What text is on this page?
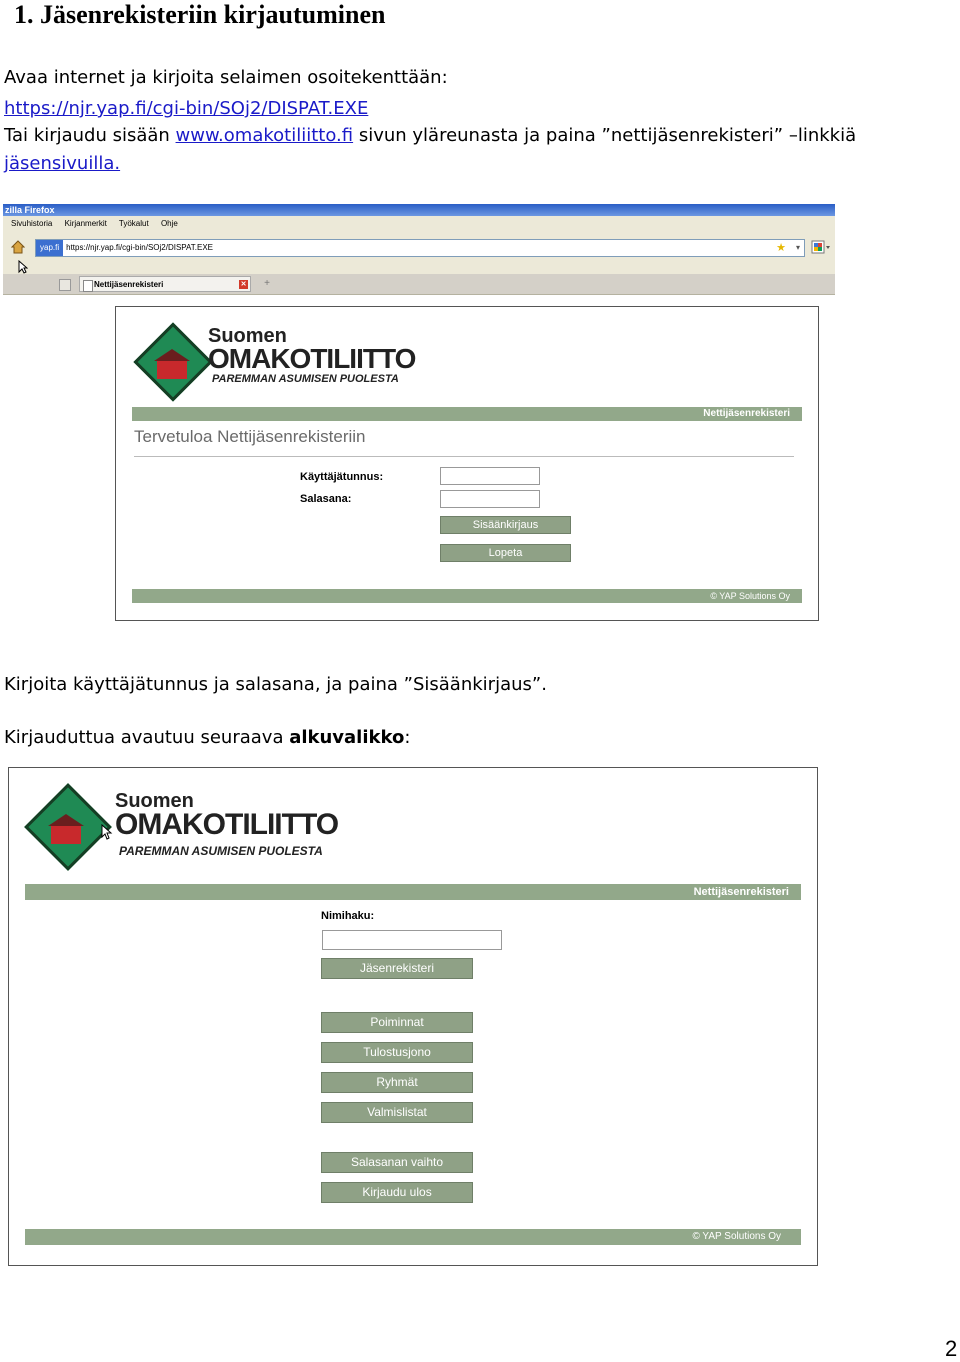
1. Jäsenrekisteriin kirjautuminen
Avaa internet ja kirjoita selaimen osoitekenttään:
https://njr.yap.fi/cgi-bin/SOj2/DISPAT.EXE
Tai kirjaudu sisään www.omakotiliitto.fi sivun yläreunasta ja paina ”nettijäsenrekisteri” –linkkiä
jäsensivuilla.
zilla Firefox
Sivuhistoria Kirjanmerkit Työkalut Ohje
yap.fi https://njr.yap.fi/cgi-bin/SOj2/DISPAT.EXE	★ ▾
Nettijäsenrekisteri	✕	+
Suomen
OMAKOTILIITTO
PAREMMAN ASUMISEN PUOLESTA
Nettijäsenrekisteri
Tervetuloa Nettijäsenrekisteriin
Käyttäjätunnus:
Salasana:
Sisäänkirjaus
Lopeta
© YAP Solutions Oy
Kirjoita käyttäjätunnus ja salasana, ja paina ”Sisäänkirjaus”.
Kirjauduttua avautuu seuraava alkuvalikko:
Suomen
OMAKOTILIITTO
PAREMMAN ASUMISEN PUOLESTA
Nettijäsenrekisteri
Nimihaku:
Jäsenrekisteri
Poiminnat
Tulostusjono
Ryhmät
Valmislistat
Salasanan vaihto
Kirjaudu ulos
© YAP Solutions Oy
2
